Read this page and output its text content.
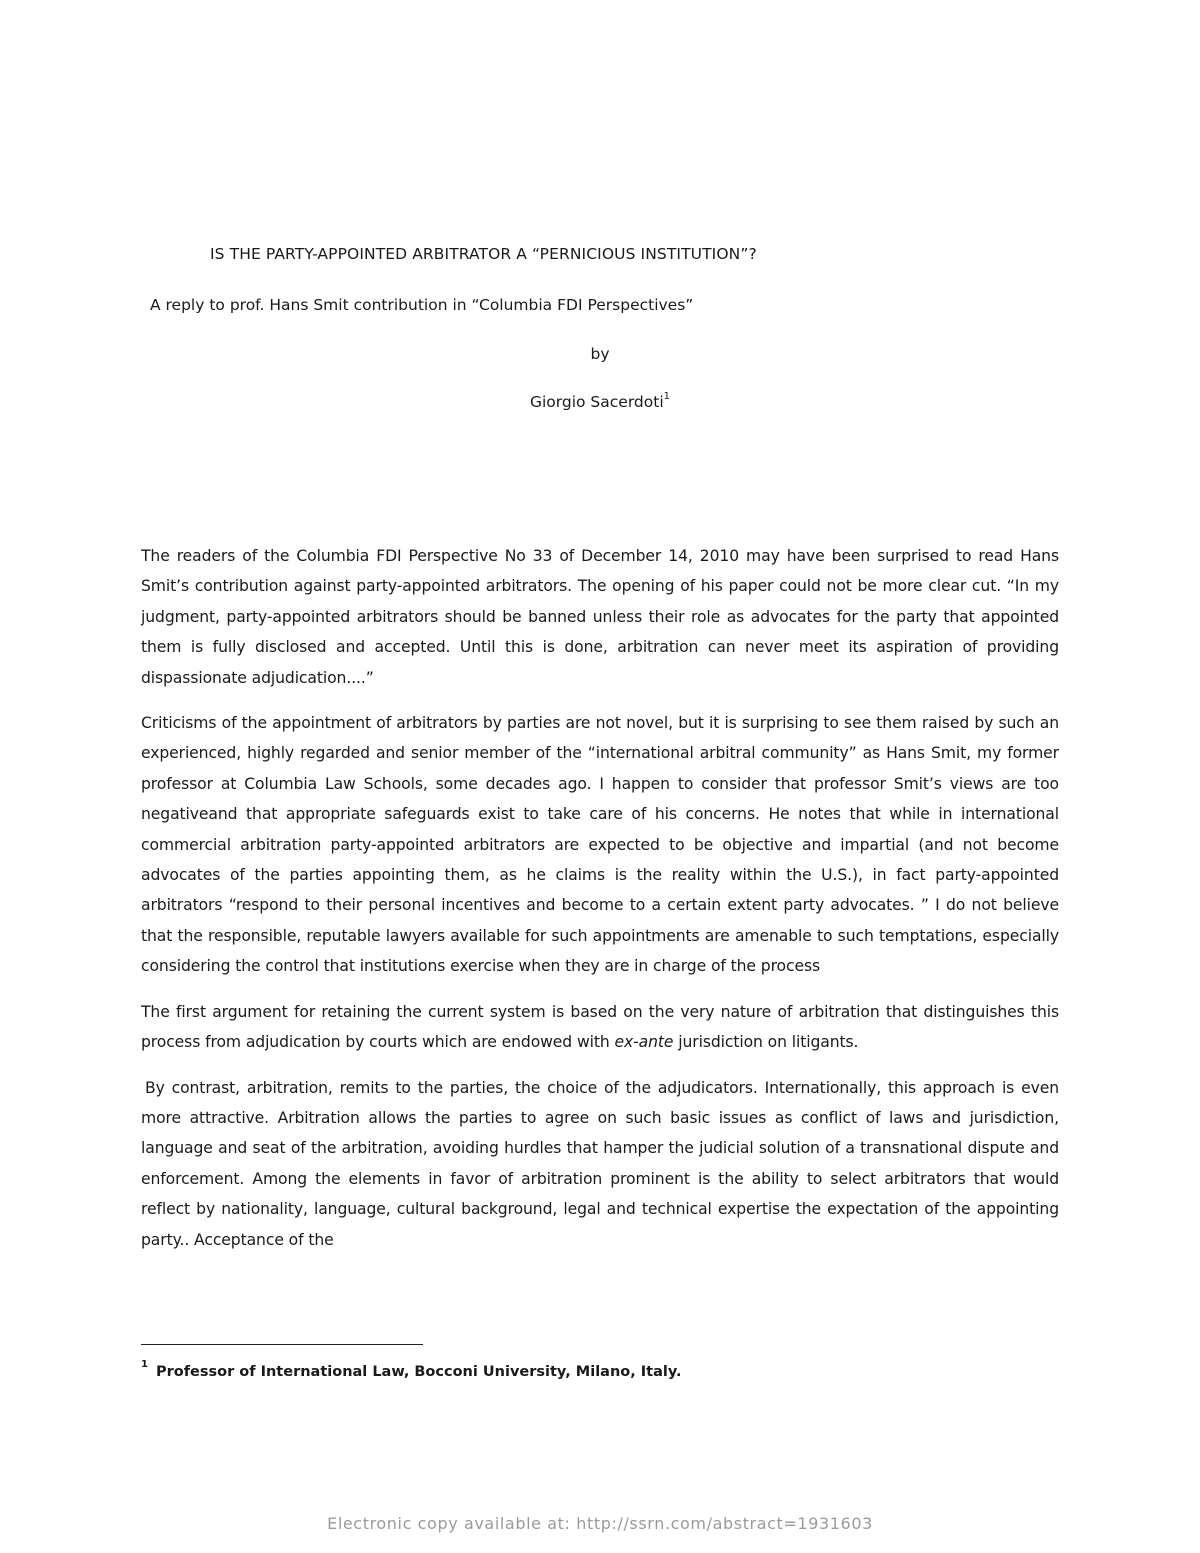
IS THE PARTY-APPOINTED ARBITRATOR A “PERNICIOUS INSTITUTION”?
A reply to prof. Hans Smit contribution in “Columbia FDI Perspectives”
by
Giorgio Sacerdoti$^1$

The readers of the Columbia FDI Perspective No 33 of December 14, 2010 may have been surprised to read Hans Smit’s contribution against party-appointed arbitrators. The opening of his paper could not be more clear cut. “In my judgment, party-appointed arbitrators should be banned unless their role as advocates for the party that appointed them is fully disclosed and accepted. Until this is done, arbitration can never meet its aspiration of providing dispassionate adjudication....”

Criticisms of the appointment of arbitrators by parties are not novel, but it is surprising to see them raised by such an experienced, highly regarded and senior member of the “international arbitral community” as Hans Smit, my former professor at Columbia Law Schools, some decades ago. I happen to consider that professor Smit’s views are too negativeand that appropriate safeguards exist to take care of his concerns. He notes that while in international commercial arbitration party-appointed arbitrators are expected to be objective and impartial (and not become advocates of the parties appointing them, as he claims is the reality within the U.S.), in fact party-appointed arbitrators “respond to their personal incentives and become to a certain extent party advocates. ” I do not believe that the responsible, reputable lawyers available for such appointments are amenable to such temptations, especially considering the control that institutions exercise when they are in charge of the process

The first argument for retaining the current system is based on the very nature of arbitration that distinguishes this process from adjudication by courts which are endowed with ex-ante jurisdiction on litigants.

By contrast, arbitration, remits to the parties, the choice of the adjudicators. Internationally, this approach is even more attractive. Arbitration allows the parties to agree on such basic issues as conflict of laws and jurisdiction, language and seat of the arbitration, avoiding hurdles that hamper the judicial solution of a transnational dispute and enforcement. Among the elements in favor of arbitration prominent is the ability to select arbitrators that would reflect by nationality, language, cultural background, legal and technical expertise the expectation of the appointing party.. Acceptance of the

$^1$ Professor of International Law, Bocconi University, Milano, Italy.
Electronic copy available at: http://ssrn.com/abstract=1931603
